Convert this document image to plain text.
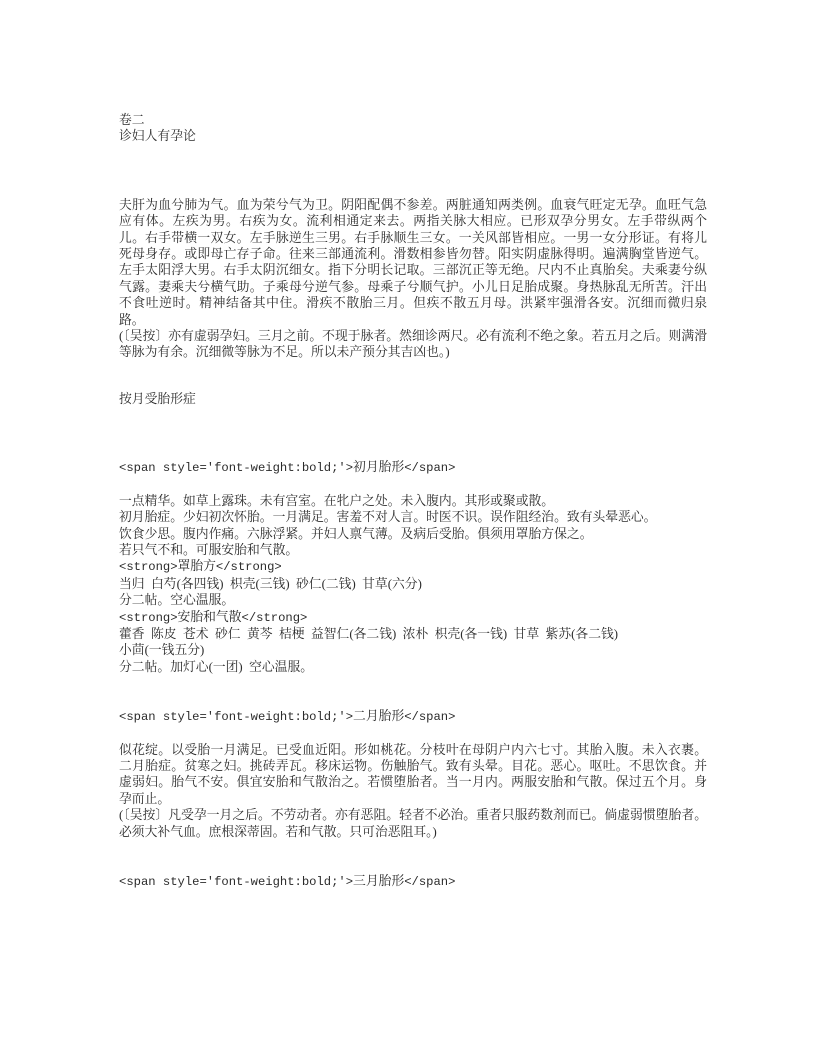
卷二
诊妇人有孕论
夫肝为血兮肺为气。血为荣兮气为卫。阴阳配偶不参差。两脏通知两类例。血衰气旺定无孕。血旺气急应有体。左疾为男。右疾为女。流利相通定来去。两指关脉大相应。已形双孕分男女。左手带纵两个儿。右手带横一双女。左手脉逆生三男。右手脉顺生三女。一关风部皆相应。一男一女分形证。有将儿死母身存。或即母亡存子命。往来三部通流利。滑数相参皆勿替。阳实阴虚脉得明。遍满胸堂皆逆气。左手太阳浮大男。右手太阴沉细女。指下分明长记取。三部沉正等无绝。尺内不止真胎矣。夫乘妻兮纵气露。妻乘夫兮横气助。子乘母兮逆气参。母乘子兮顺气护。小儿日足胎成聚。身热脉乱无所苦。汗出不食吐逆时。精神结备其中住。滑疾不散胎三月。但疾不散五月母。洪紧牢强滑各安。沉细而微归泉路。
(〔吴按〕亦有虚弱孕妇。三月之前。不现于脉者。然细诊两尺。必有流利不绝之象。若五月之后。则满滑等脉为有余。沉细微等脉为不足。所以未产预分其吉凶也。)
按月受胎形症
<span style='font-weight:bold;'>初月胎形</span>
一点精华。如草上露珠。未有宫室。在牝户之处。未入腹内。其形或聚或散。
初月胎症。少妇初次怀胎。一月满足。害羞不对人言。时医不识。误作阻经治。致有头晕恶心。
饮食少思。腹内作痛。六脉浮紧。并妇人禀气薄。及病后受胎。俱须用罩胎方保之。
若只气不和。可服安胎和气散。
<strong>罩胎方</strong>
当归  白芍(各四钱)  枳壳(三钱)  砂仁(二钱)  甘草(六分)
分二帖。空心温服。
<strong>安胎和气散</strong>
藿香  陈皮  苍术  砂仁  黄芩  桔梗  益智仁(各二钱)  浓朴  枳壳(各一钱)  甘草  紫苏(各二钱)
小茴(一钱五分)
分二帖。加灯心(一团)  空心温服。
<span style='font-weight:bold;'>二月胎形</span>
似花绽。以受胎一月满足。已受血近阳。形如桃花。分枝叶在母阴户内六七寸。其胎入腹。未入衣裹。二月胎症。贫寒之妇。挑砖弄瓦。移床运物。伤触胎气。致有头晕。目花。恶心。呕吐。不思饮食。并虚弱妇。胎气不安。俱宜安胎和气散治之。若惯堕胎者。当一月内。两服安胎和气散。保过五个月。身孕而止。
(〔吴按〕凡受孕一月之后。不劳动者。亦有恶阻。轻者不必治。重者只服药数剂而已。倘虚弱惯堕胎者。必须大补气血。庶根深蒂固。若和气散。只可治恶阻耳。)
<span style='font-weight:bold;'>三月胎形</span>
